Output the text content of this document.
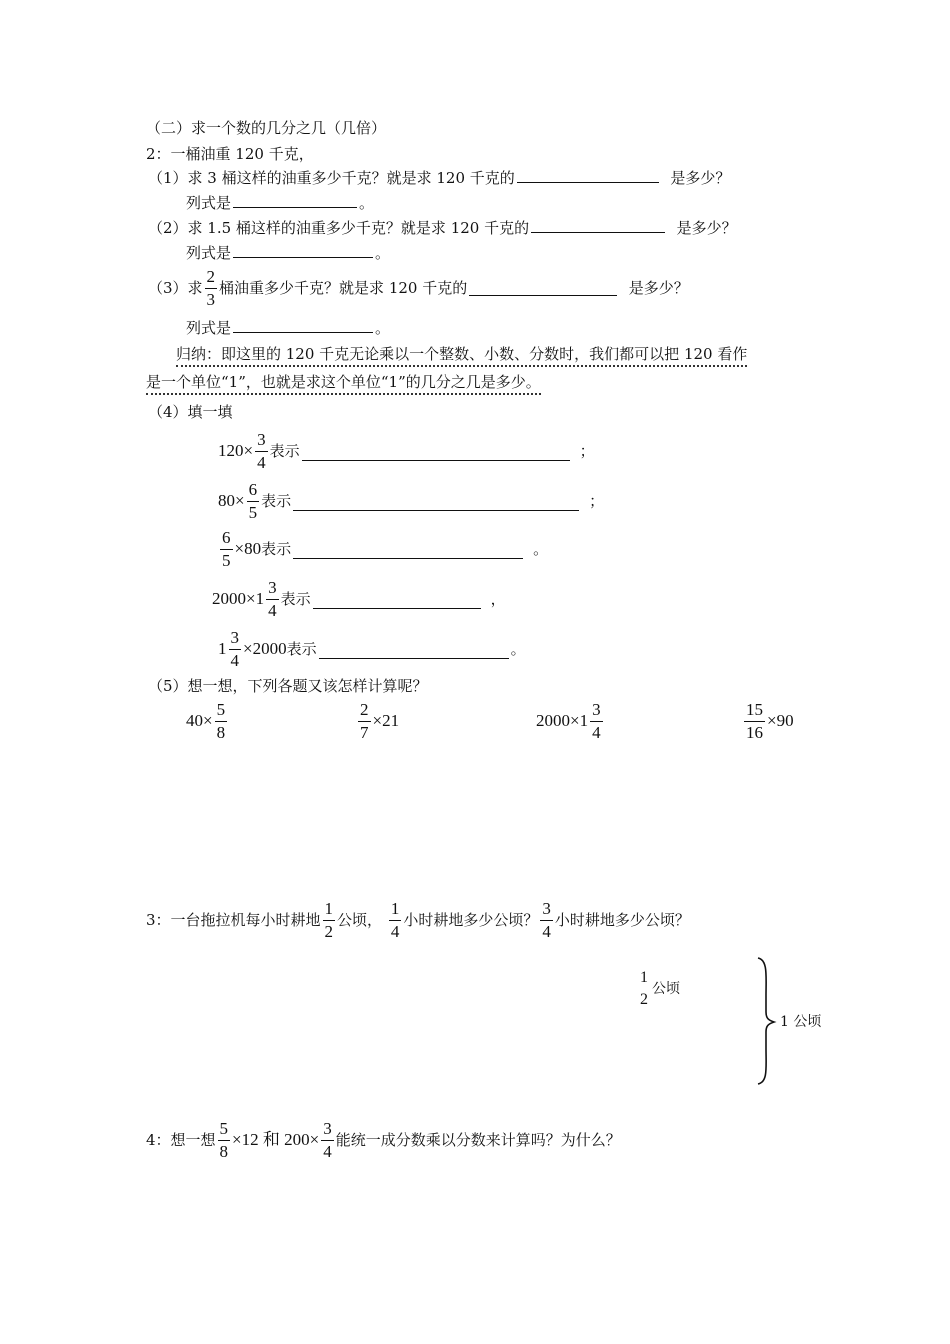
（二）求一个数的几分之几（几倍）
2：一桶油重 120 千克，
（1）求 3 桶这样的油重多少千克？就是求 120 千克的	是多少？
列式是	。
（2）求 1.5 桶这样的油重多少千克？就是求 120 千克的	是多少？
列式是	。
（3）求 $\frac{2}{3}$ 桶油重多少千克？就是求 120 千克的
	是多少？
列式是	。
归纳：即这里的 120 千克无论乘以一个整数、小数、分数时，我们都可以把 120 看作
是一个单位“1”，也就是求这个单位“1”的几分之几是多少。
（4）填一填
$120\times \frac{3}{4}$ 表示	；
$80\times \frac{6}{5}$ 表示	；
$\frac{6}{5} \times 80$ 表示	。
$2000\times 1 \frac{3}{4}$ 表示	，
$1 \frac{3}{4} \times 2000$ 表示	。
（5）想一想，下列各题又该怎样计算呢？
$40\times \frac{5}{8}$	$\frac{2}{7} \times 21$	$2000\times 1 \frac{3}{4}$	$\frac{15}{16} \times 90$
3：一台拖拉机每小时耕地 $\frac{1}{2}$ 公顷，
$\frac{1}{4}$ 小时耕地多少公顷？ $\frac{3}{4}$ 小时耕地多少公顷？
1
2
公顷
1 公顷
4：想一想 $\frac{5}{8} \times 12$ 和 $200\times \frac{3}{4}$ 能统一成分数乘以分数来计算吗？为什么？
